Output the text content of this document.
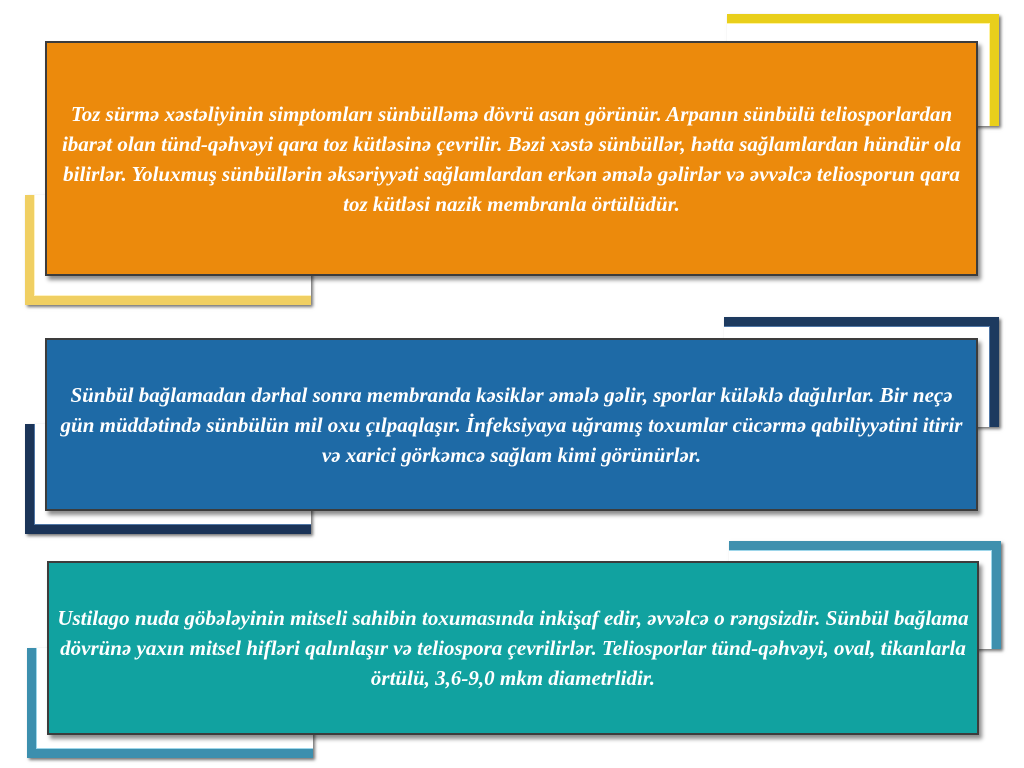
Toz sürmə xəstəliyinin simptomları sünbülləmə dövrü asan görünür. Arpanın sünbülü teliosporlardan ibarət olan tünd-qəhvəyi qara toz kütləsinə çevrilir. Bəzi xəstə sünbüllər, hətta sağlamlardan hündür ola bilirlər. Yoluxmuş sünbüllərin əksəriyyəti sağlamlardan erkən əmələ gəlirlər və əvvəlcə teliosporun qara toz kütləsi nazik membranla örtülüdür.

Sünbül bağlamadan dərhal sonra membranda kəsiklər əmələ gəlir, sporlar küləklə dağılırlar. Bir neçə gün müddətində sünbülün mil oxu çılpaqlaşır. İnfeksiyaya uğramış toxumlar cücərmə qabiliyyətini itirir və xarici görkəmcə sağlam kimi görünürlər.

Ustilago nuda göbələyinin mitseli sahibin toxumasında inkişaf edir, əvvəlcə o rəngsizdir. Sünbül bağlama dövrünə yaxın mitsel hifləri qalınlaşır və teliospora çevrilirlər. Teliosporlar tünd-qəhvəyi, oval, tikanlarla örtülü, 3,6-9,0 mkm diametrlidir.
